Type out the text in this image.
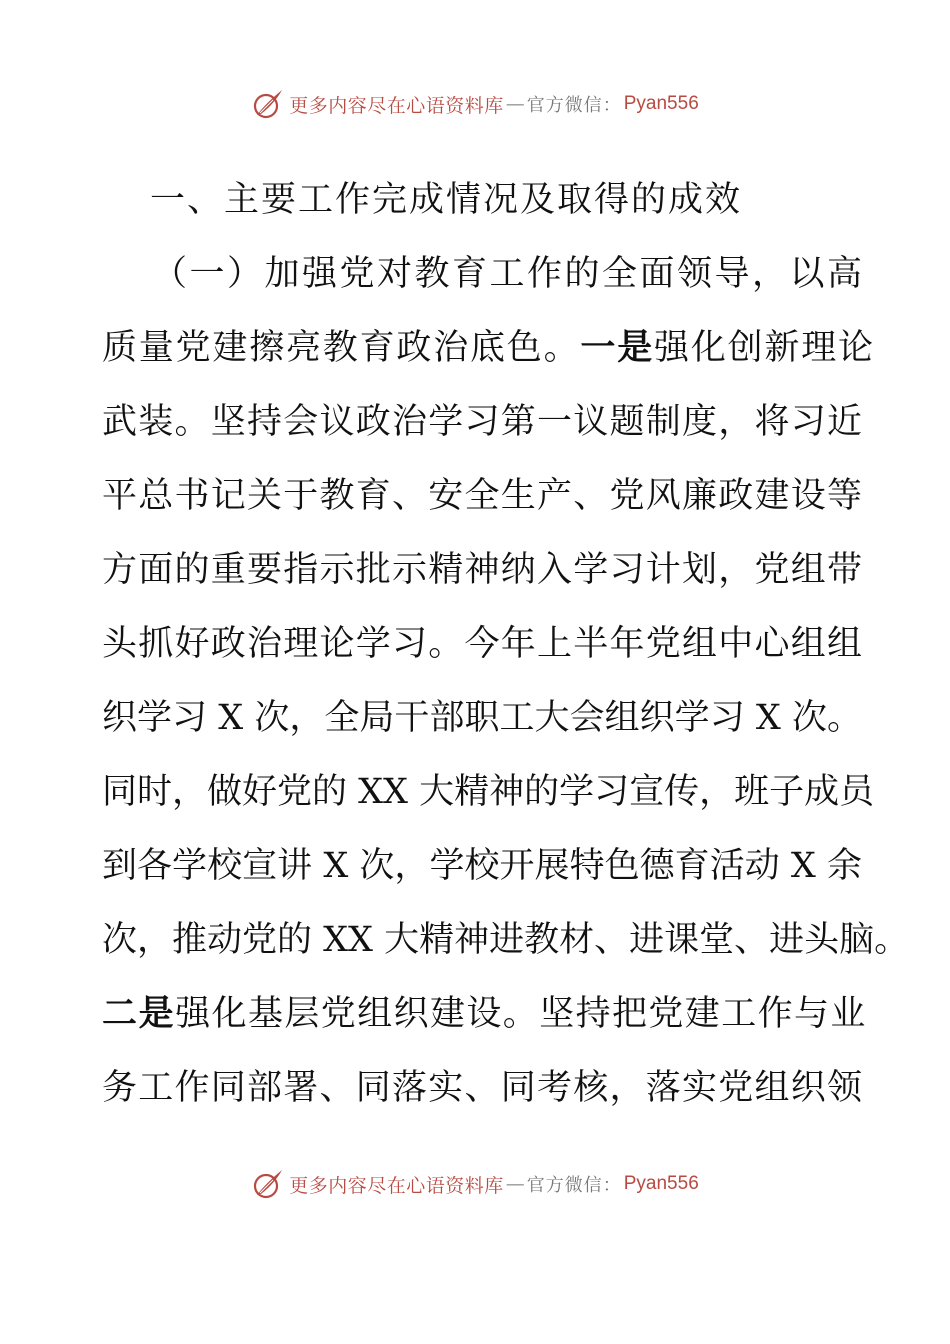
更多内容尽在心语资料库 — 官方微信： Pyan556
一、主要工作完成情况及取得的成效
（一）加强党对教育工作的全面领导，以高
质量党建擦亮教育政治底色。 一是强化创新理论
武装。坚持会议政治学习第一议题制度，将习近
平总书记关于教育、安全生产、党风廉政建设等
方面的重要指示批示精神纳入学习计划，党组带
头抓好政治理论学习。今年上半年党组中心组组
织学习 X 次，全局干部职工大会组织学习 X 次。
同时，做好党的 XX 大精神的学习宣传，班子成员
到各学校宣讲 X 次，学校开展特色德育活动 X 余
次，推动党的 XX 大精神进教材、进课堂、进头脑。
二是 强化基层党组织建设。坚持把党建工作与业
务工作同部署、同落实、同考核，落实党组织领
更多内容尽在心语资料库 — 官方微信： Pyan556
